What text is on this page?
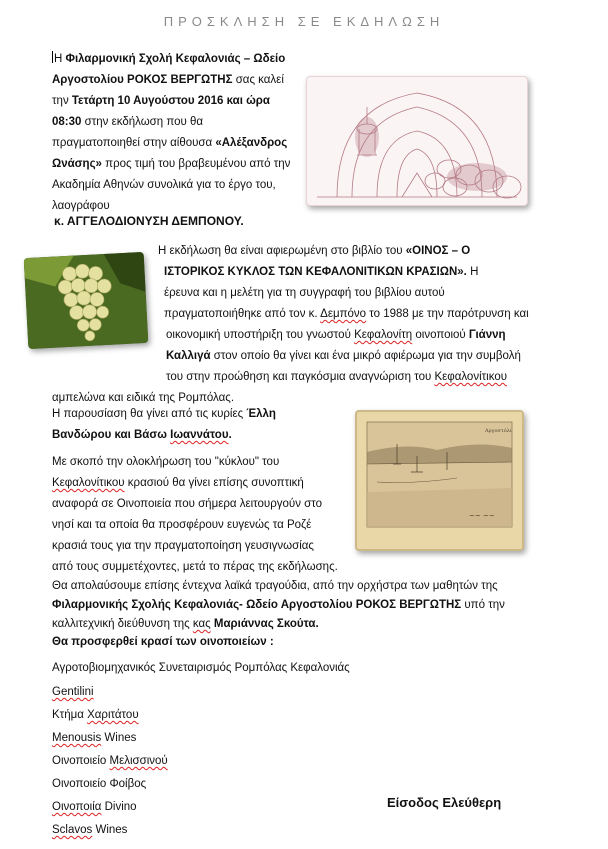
ΠΡΟΣΚΛΗΣΗ ΣΕ ΕΚΔΗΛΩΣΗ
Η Φιλαρμονική Σχολή Κεφαλονιάς – Ωδείο
Αργοστολίου ΡΟΚΟΣ ΒΕΡΓΩΤΗΣ σας καλεί
την Τετάρτη 10 Αυγούστου 2016 και ώρα
08:30 στην εκδήλωση που θα
πραγματοποιηθεί στην αίθουσα «Αλέξανδρος
Ωνάσης» προς τιμή του βραβευμένου από την
Ακαδημία Αθηνών συνολικά για το έργο του,
λαογράφου
κ. ΑΓΓΕΛΟΔΙΟΝΥΣΗ ΔΕΜΠΟΝΟΥ.
Η εκδήλωση θα είναι αφιερωμένη στο βιβλίο του «ΟΙΝΟΣ – Ο
ΙΣΤΟΡΙΚΟΣ ΚΥΚΛΟΣ ΤΩΝ ΚΕΦΑΛΟΝΙΤΙΚΩΝ ΚΡΑΣΙΩΝ». Η
έρευνα και η μελέτη για τη συγγραφή του βιβλίου αυτού
πραγματοποιήθηκε από τον κ. Δεμπόνο το 1988 με την παρότρυνση και
οικονομική υποστήριξη του γνωστού Κεφαλονίτη οινοποιού Γιάννη
Καλλιγά στον οποίο θα γίνει και ένα μικρό αφιέρωμα για την συμβολή
του στην προώθηση και παγκόσμια αναγνώριση του Κεφαλονίτικου
αμπελώνα και ειδικά της Ρομπόλας.
Η παρουσίαση θα γίνει από τις κυρίες Έλλη
Βανδώρου και Βάσω Ιωαννάτου.
~~ ~~
Αργοστόλι
Με σκοπό την ολοκλήρωση του "κύκλου" του
Κεφαλονίτικου κρασιού θα γίνει επίσης συνοπτική
αναφορά σε Οινοποιεία που σήμερα λειτουργούν στο
νησί και τα οποία θα προσφέρουν ευγενώς τα Ροζέ
κρασιά τους για την πραγματοποίηση γευσιγνωσίας
από τους συμμετέχοντες, μετά το πέρας της εκδήλωσης.
Θα απολαύσουμε επίσης έντεχνα λαϊκά τραγούδια, από την ορχήστρα των μαθητών της
Φιλαρμονικής Σχολής Κεφαλονιάς- Ωδείο Αργοστολίου ΡΟΚΟΣ ΒΕΡΓΩΤΗΣ υπό την
καλλιτεχνική διεύθυνση της κας Μαριάννας Σκούτα.
Θα προσφερθεί κρασί των οινοποιείων :
Αγροτοβιομηχανικός Συνεταιρισμός Ρομπόλας Κεφαλονιάς
Gentilini
Κτήμα Χαριτάτου
Menousis Wines
Οινοποιείο Μελισσινού
Οινοποιείο Φοίβος
Οινοποιία Divino
Sclavos Wines
Είσοδος Ελεύθερη
